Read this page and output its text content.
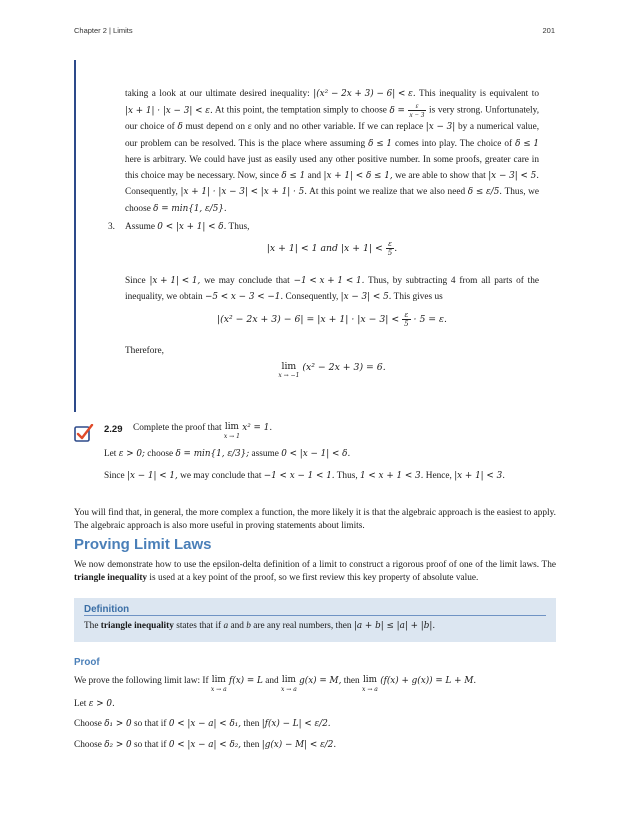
Chapter 2 | Limits	201

taking a look at our ultimate desired inequality: |(x² − 2x + 3) − 6| < ε. This inequality is equivalent to |x + 1| · |x − 3| < ε. At this point, the temptation simply to choose $\delta = \frac{\varepsilon}{x - 3}$ is very strong. Unfortunately, our choice of δ must depend on ε only and no other variable. If we can replace |x − 3| by a numerical value, our problem can be resolved. This is the place where assuming δ ≤ 1 comes into play. The choice of δ ≤ 1 here is arbitrary. We could have just as easily used any other positive number. In some proofs, greater care in this choice may be necessary. Now, since δ ≤ 1 and |x + 1| < δ ≤ 1, we are able to show that |x − 3| < 5. Consequently, |x + 1| · |x − 3| < |x + 1| · 5. At this point we realize that we also need δ ≤ ε/5. Thus, we choose δ = min{1, ε/5}.

3. Assume 0 < |x + 1| < δ. Thus,
|x + 1| < 1 and $|x + 1| < \frac{\varepsilon}{5}$ .

Since |x + 1| < 1, we may conclude that −1 < x + 1 < 1. Thus, by subtracting 4 from all parts of the inequality, we obtain −5 < x − 3 < −1. Consequently, |x − 3| < 5. This gives us

$|(x^2 - 2x + 3) - 6| = |x + 1| \cdot |x - 3| < \frac{\varepsilon}{5} \cdot 5 = \varepsilon$.
Therefore,
lim
x → −1
(x² − 2x + 3) = 6.
2.29 Complete the proof that lim
x → 1
x² = 1.
Let ε > 0; choose δ = min{1, ε/3}; assume 0 < |x − 1| < δ.
Since |x − 1| < 1, we may conclude that −1 < x − 1 < 1. Thus, 1 < x + 1 < 3. Hence, |x + 1| < 3.
You will find that, in general, the more complex a function, the more likely it is that the algebraic approach is the easiest to apply. The algebraic approach is also more useful in proving statements about limits.
Proving Limit Laws
We now demonstrate how to use the epsilon-delta definition of a limit to construct a rigorous proof of one of the limit laws. The triangle inequality is used at a key point of the proof, so we first review this key property of absolute value.
Definition
The triangle inequality states that if a and b are any real numbers, then |a + b| ≤ |a| + |b|.
Proof
We prove the following limit law: If lim
x → a
f(x) = L and lim
x → a
g(x) = M, then lim
x → a
(f(x) + g(x)) = L + M.
Let ε > 0.
Choose δ₁ > 0 so that if 0 < |x − a| < δ₁, then |f(x) − L| < ε/2.
Choose δ₂ > 0 so that if 0 < |x − a| < δ₂, then |g(x) − M| < ε/2.
